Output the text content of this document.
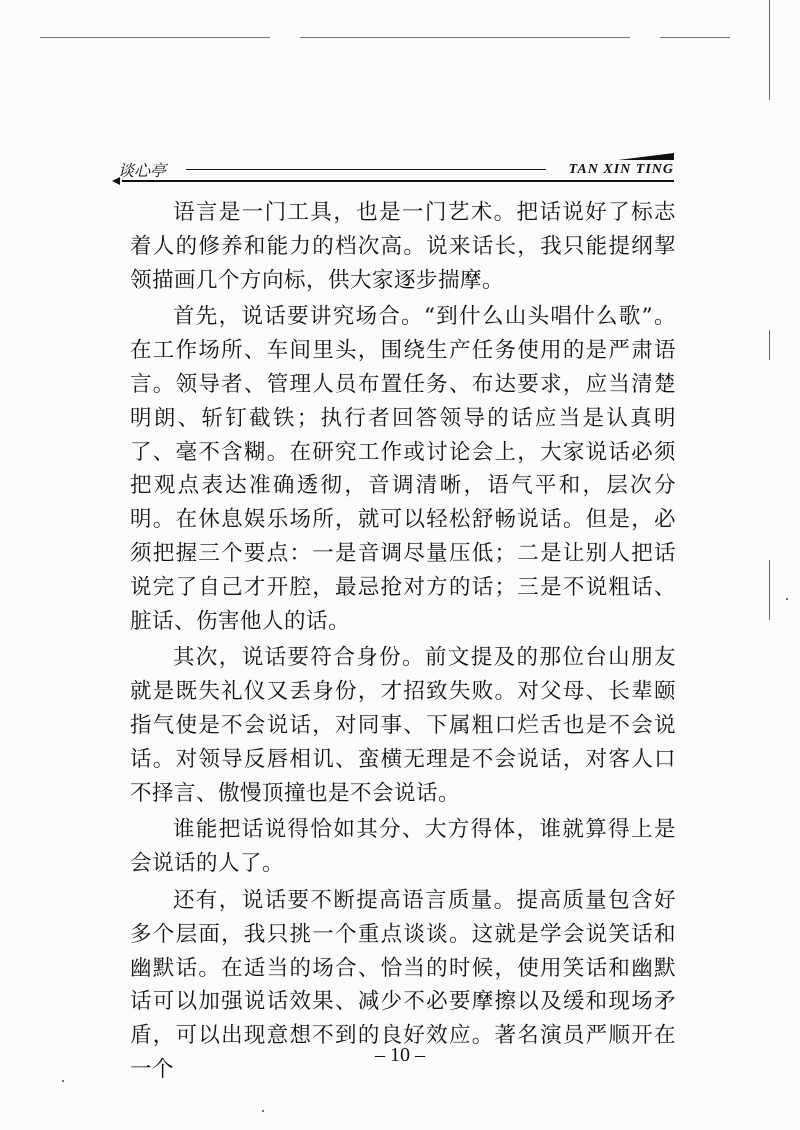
谈心亭	TAN XIN TING

语言是一门工具，也是一门艺术。把话说好了标志着人的修养和能力的档次高。说来话长，我只能提纲挈领描画几个方向标，供大家逐步揣摩。

首先，说话要讲究场合。“到什么山头唱什么歌”。在工作场所、车间里头，围绕生产任务使用的是严肃语言。领导者、管理人员布置任务、布达要求，应当清楚明朗、斩钉截铁；执行者回答领导的话应当是认真明了、毫不含糊。在研究工作或讨论会上，大家说话必须把观点表达准确透彻，音调清晰，语气平和，层次分明。在休息娱乐场所，就可以轻松舒畅说话。但是，必须把握三个要点：一是音调尽量压低；二是让别人把话说完了自己才开腔，最忌抢对方的话；三是不说粗话、脏话、伤害他人的话。

其次，说话要符合身份。前文提及的那位台山朋友就是既失礼仪又丢身份，才招致失败。对父母、长辈颐指气使是不会说话，对同事、下属粗口烂舌也是不会说话。对领导反唇相讥、蛮横无理是不会说话，对客人口不择言、傲慢顶撞也是不会说话。

谁能把话说得恰如其分、大方得体，谁就算得上是会说话的人了。

还有，说话要不断提高语言质量。提高质量包含好多个层面，我只挑一个重点谈谈。这就是学会说笑话和幽默话。在适当的场合、恰当的时候，使用笑话和幽默话可以加强说话效果、减少不必要摩擦以及缓和现场矛盾，可以出现意想不到的良好效应。著名演员严顺开在一个

– 10 –
